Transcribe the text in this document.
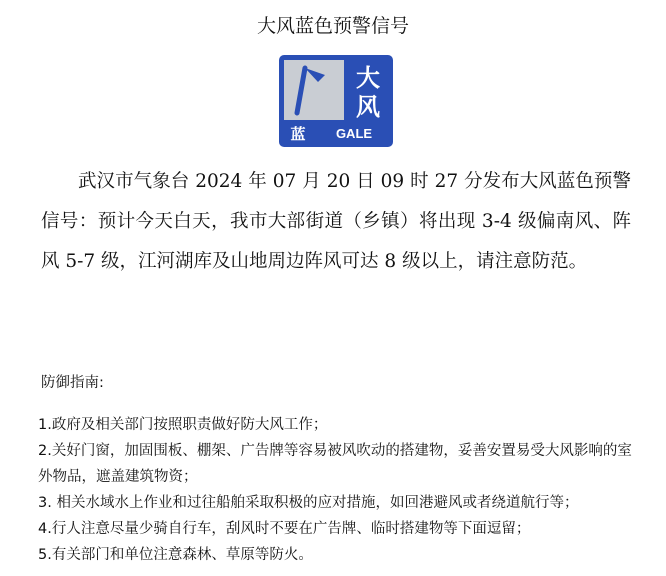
大风蓝色预警信号
大
风
蓝 GALE

武汉市气象台 2024 年 07 月 20 日 09 时 27 分发布大风蓝色预警信号：预计今天白天，我市大部街道（乡镇）将出现 3-4 级偏南风、阵风 5-7 级，江河湖库及山地周边阵风可达 8 级以上，请注意防范。

防御指南:

1.政府及相关部门按照职责做好防大风工作；
2.关好门窗，加固围板、棚架、广告牌等容易被风吹动的搭建物，妥善安置易受大风影响的室外物品，遮盖建筑物资；
3. 相关水域水上作业和过往船舶采取积极的应对措施，如回港避风或者绕道航行等；
4.行人注意尽量少骑自行车，刮风时不要在广告牌、临时搭建物等下面逗留；
5.有关部门和单位注意森林、草原等防火。
